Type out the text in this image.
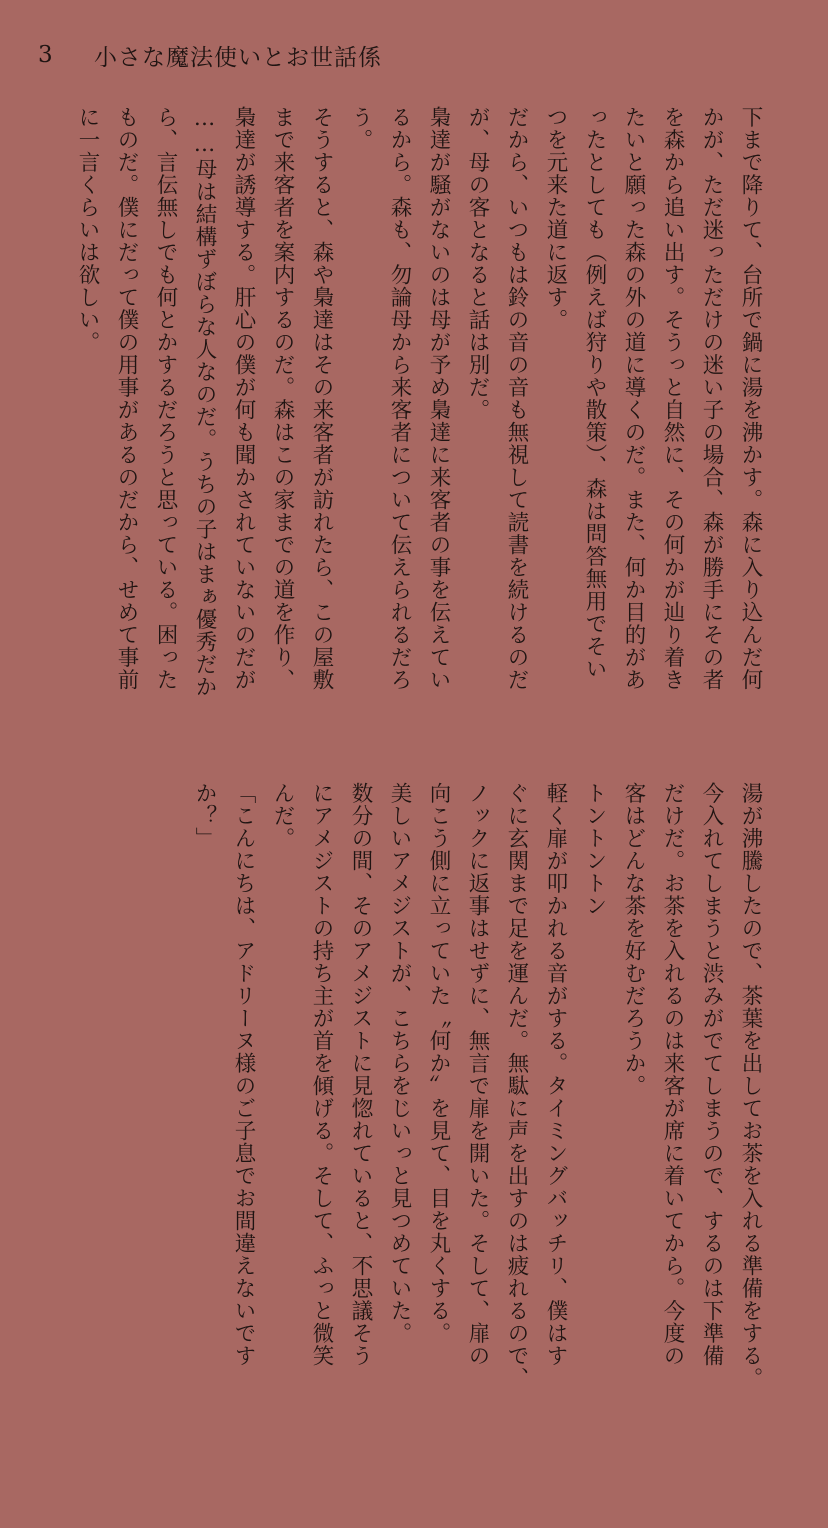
3	小さな魔法使いとお世話係

下まで降りて、台所で鍋に湯を沸かす。森に入り込んだ何
かが、ただ迷っただけの迷い子の場合、森が勝手にその者
を森から追い出す。そうっと自然に、その何かが辿り着き
たいと願った森の外の道に導くのだ。また、何か目的があ
ったとしても（例えば狩りや散策）、森は問答無用でそい
つを元来た道に返す。

だから、いつもは鈴の音の音も無視して読書を続けるのだ
が、母の客となると話は別だ。

梟達が騒がないのは母が予め梟達に来客者の事を伝えてい
るから。森も、勿論母から来客者について伝えられるだろ
う。

そうすると、森や梟達はその来客者が訪れたら、この屋敷
まで来客者を案内するのだ。森はこの家までの道を作り、
梟達が誘導する。肝心の僕が何も聞かされていないのだが
……母は結構ずぼらな人なのだ。うちの子はまぁ優秀だか
ら、言伝無しでも何とかするだろうと思っている。困った
ものだ。僕にだって僕の用事があるのだから、せめて事前
に一言くらいは欲しい。

湯が沸騰したので、茶葉を出してお茶を入れる準備をする。
今入れてしまうと渋みがでてしまうので、するのは下準備
だけだ。お茶を入れるのは来客が席に着いてから。今度の
客はどんな茶を好むだろうか。

トントントン

軽く扉が叩かれる音がする。タイミングバッチリ、僕はす
ぐに玄関まで足を運んだ。無駄に声を出すのは疲れるので、
ノックに返事はせずに、無言で扉を開いた。そして、扉の
向こう側に立っていた〝何か〟を見て、目を丸くする。

美しいアメジストが、こちらをじいっと見つめていた。

数分の間、そのアメジストに見惚れていると、不思議そう
にアメジストの持ち主が首を傾げる。そして、ふっと微笑
んだ。

「こんにちは、アドリーヌ様のご子息でお間違えないです
か？」
